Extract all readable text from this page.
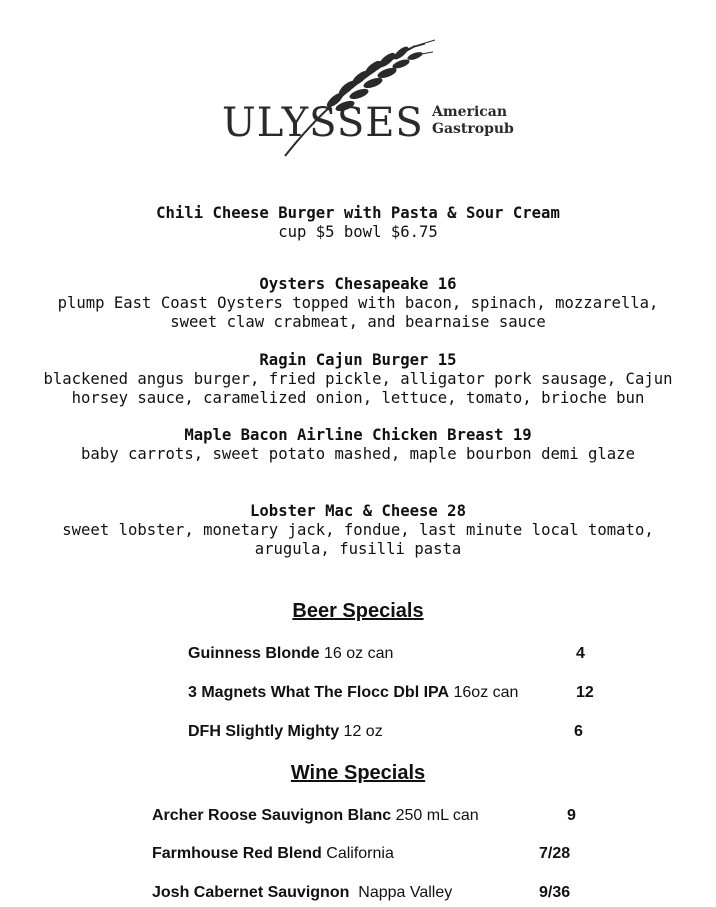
ULYSSES American
Gastropub
Chili Cheese Burger with Pasta & Sour Cream
cup $5 bowl $6.75
Oysters Chesapeake 16
plump East Coast Oysters topped with bacon, spinach, mozzarella,
sweet claw crabmeat, and bearnaise sauce
Ragin Cajun Burger 15
blackened angus burger, fried pickle, alligator pork sausage, Cajun
horsey sauce, caramelized onion, lettuce, tomato, brioche bun
Maple Bacon Airline Chicken Breast 19
baby carrots, sweet potato mashed, maple bourbon demi glaze
Lobster Mac & Cheese 28
sweet lobster, monetary jack, fondue, last minute local tomato,
arugula, fusilli pasta
Beer Specials
Guinness Blonde 16 oz can	4
3 Magnets What The Flocc Dbl IPA 16oz can	12
DFH Slightly Mighty 12 oz	6
Wine Specials
Archer Roose Sauvignon Blanc 250 mL can	9
Farmhouse Red Blend California	7/28
Josh Cabernet Sauvignon  Nappa Valley	9/36
